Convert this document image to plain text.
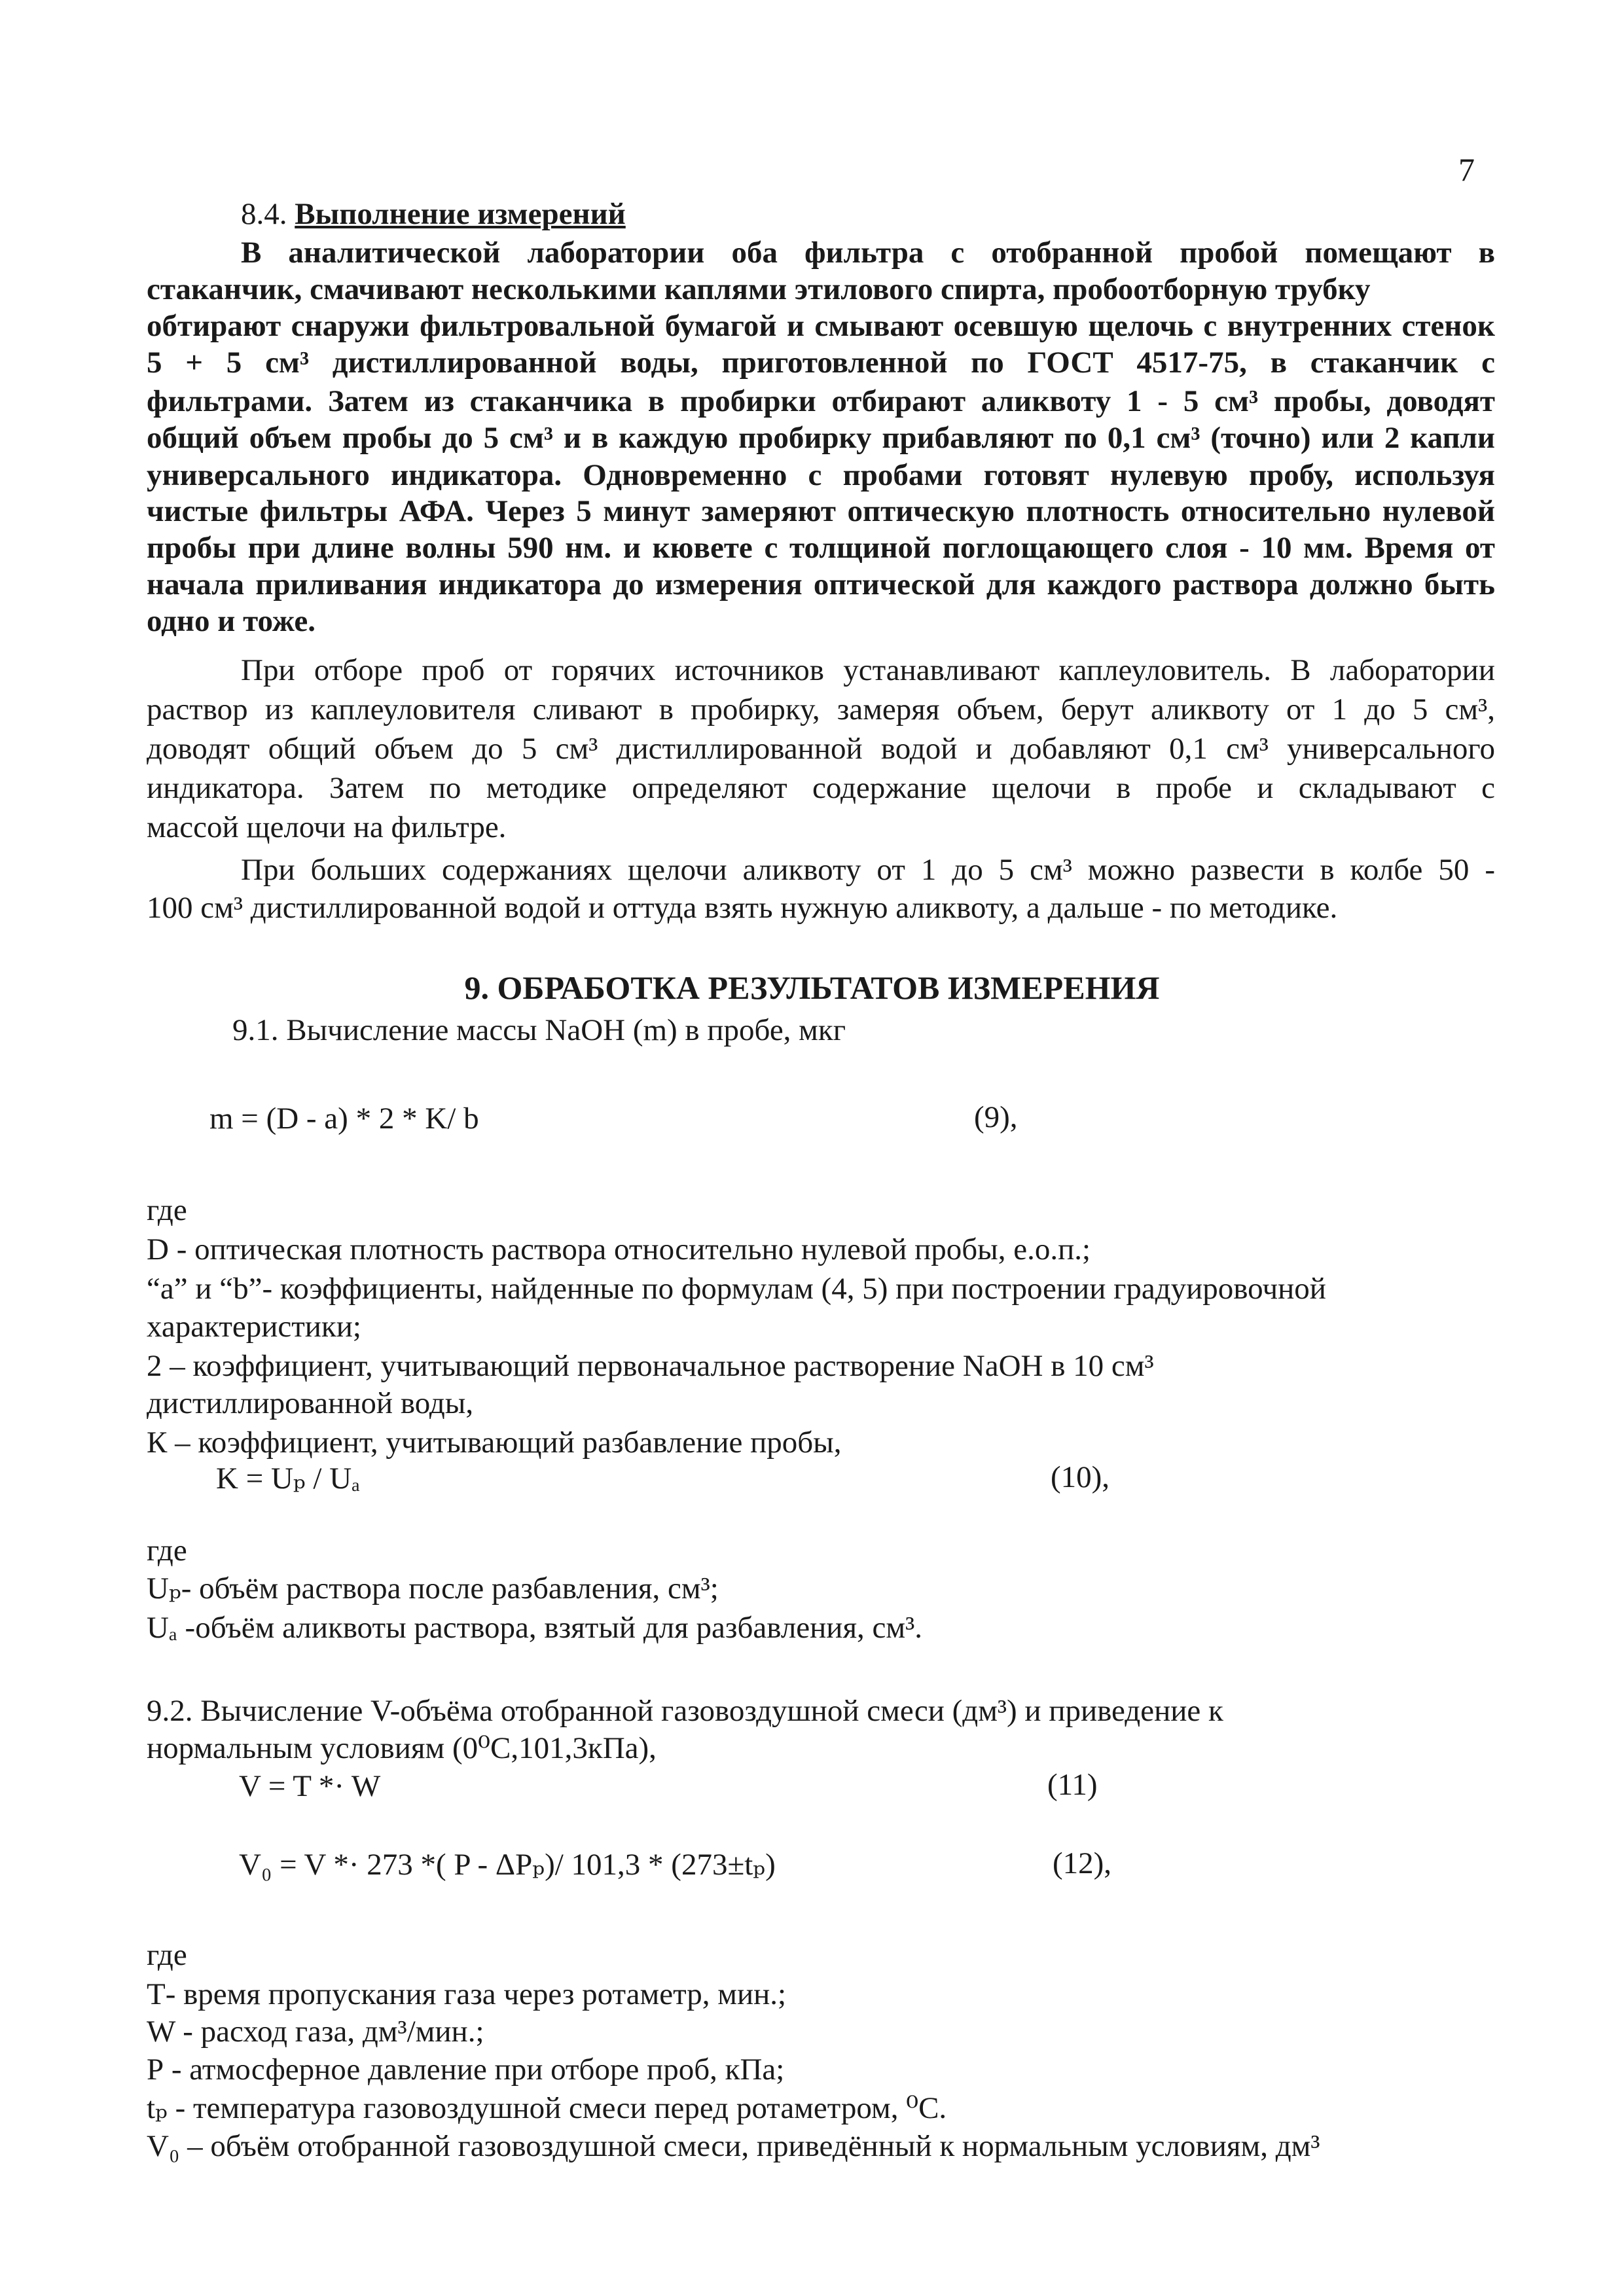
7
8.4. Выполнение измерений
В аналитической лаборатории оба фильтра с отобранной пробой помещают в
стаканчик, смачивают несколькими каплями этилового спирта, пробоотборную трубку
обтирают снаружи фильтровальной бумагой и смывают осевшую щелочь с внутренних стенок
5 + 5 см³ дистиллированной воды, приготовленной по ГОСТ 4517-75, в стаканчик с
фильтрами. Затем из стаканчика в пробирки отбирают аликвоту 1 - 5 см³ пробы, доводят
общий объем пробы до 5 см³ и в каждую пробирку прибавляют по 0,1 см³ (точно) или 2 капли
универсального индикатора. Одновременно с пробами готовят нулевую пробу, используя
чистые фильтры АФА. Через 5 минут замеряют оптическую плотность относительно нулевой
пробы при длине волны 590 нм. и кювете с толщиной поглощающего слоя - 10 мм. Время от
начала приливания индикатора до измерения оптической для каждого раствора должно быть
одно и тоже.
При отборе проб от горячих источников устанавливают каплеуловитель. В лаборатории
раствор из каплеуловителя сливают в пробирку, замеряя объем, берут аликвоту от 1 до 5 см³,
доводят общий объем до 5 см³ дистиллированной водой и добавляют 0,1 см³ универсального
индикатора. Затем по методике определяют содержание щелочи в пробе и складывают с
массой щелочи на фильтре.
При больших содержаниях щелочи аликвоту от 1 до 5 см³ можно развести в колбе 50 -
100 см³ дистиллированной водой и оттуда взять нужную аликвоту, а дальше - по методике.
9. ОБРАБОТКА РЕЗУЛЬТАТОВ ИЗМЕРЕНИЯ
9.1. Вычисление массы NaOH (m) в пробе, мкг
m = (D - a) * 2 * K/ b	(9),
где
D - оптическая плотность раствора относительно нулевой пробы, е.о.п.;
“a” и “b”- коэффициенты, найденные по формулам (4, 5) при построении градуировочной
характеристики;
2 – коэффициент, учитывающий первоначальное растворение NaOH в 10 см³
дистиллированной воды,
К – коэффициент, учитывающий разбавление пробы,
K = Uₚ / Uₐ	(10),
где
Uₚ- объём раствора после разбавления, см³;
Uₐ -объём аликвоты раствора, взятый для разбавления, см³.
9.2. Вычисление V-объёма отобранной газовоздушной смеси (дм³) и приведение к
нормальным условиям (0⁰С,101,3кПа),
V = T *· W	(11)
V₀ = V *· 273 *( P - ΔPₚ)/ 101,3 * (273±tₚ)	(12),
где
Т- время пропускания газа через ротаметр, мин.;
W - расход газа, дм³/мин.;
Р - атмосферное давление при отборе проб, кПа;
tₚ - температура газовоздушной смеси перед ротаметром, ⁰С.
V₀ – объём отобранной газовоздушной смеси, приведённый к нормальным условиям, дм³
